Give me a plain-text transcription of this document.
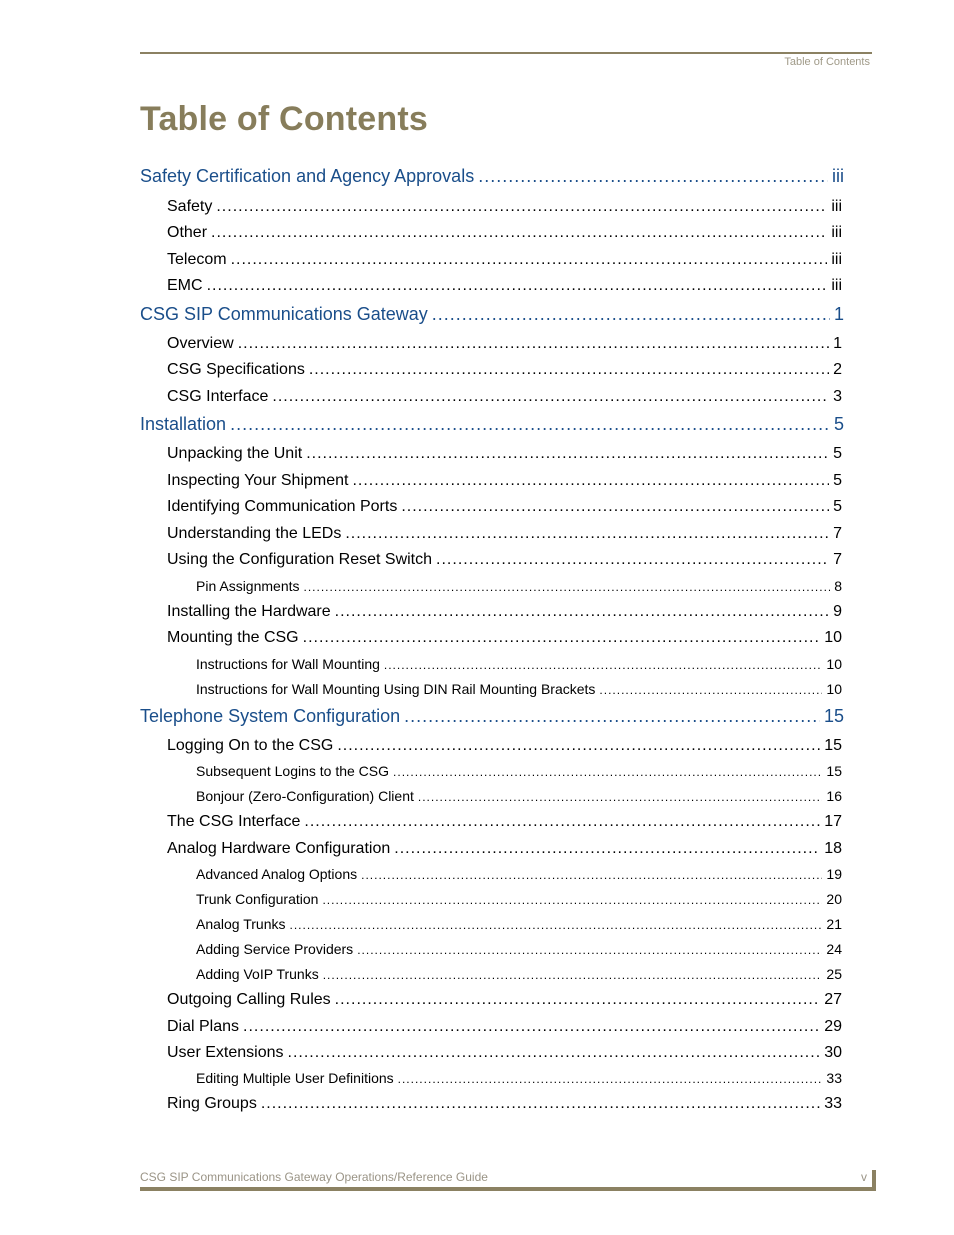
Table of Contents
Table of Contents
Safety Certification and Agency Approvals .....	iii
Safety .....	iii
Other .....	iii
Telecom .....	iii
EMC .....	iii
CSG SIP Communications Gateway .....	1
Overview .....	1
CSG Specifications .....	2
CSG Interface .....	3
Installation .....	5
Unpacking the Unit .....	5
Inspecting Your Shipment .....	5
Identifying Communication Ports .....	5
Understanding the LEDs .....	7
Using the Configuration Reset Switch .....	7
Pin Assignments .....	8
Installing the Hardware .....	9
Mounting the CSG .....	10
Instructions for Wall Mounting .....	10
Instructions for Wall Mounting Using DIN Rail Mounting Brackets .....	10
Telephone System Configuration .....	15
Logging On to the CSG .....	15
Subsequent Logins to the CSG .....	15
Bonjour (Zero-Configuration) Client .....	16
The CSG Interface .....	17
Analog Hardware Configuration .....	18
Advanced Analog Options .....	19
Trunk Configuration .....	20
Analog Trunks .....	21
Adding Service Providers .....	24
Adding VoIP Trunks .....	25
Outgoing Calling Rules .....	27
Dial Plans .....	29
User Extensions .....	30
Editing Multiple User Definitions .....	33
Ring Groups .....	33
CSG SIP Communications Gateway Operations/Reference Guide	v
